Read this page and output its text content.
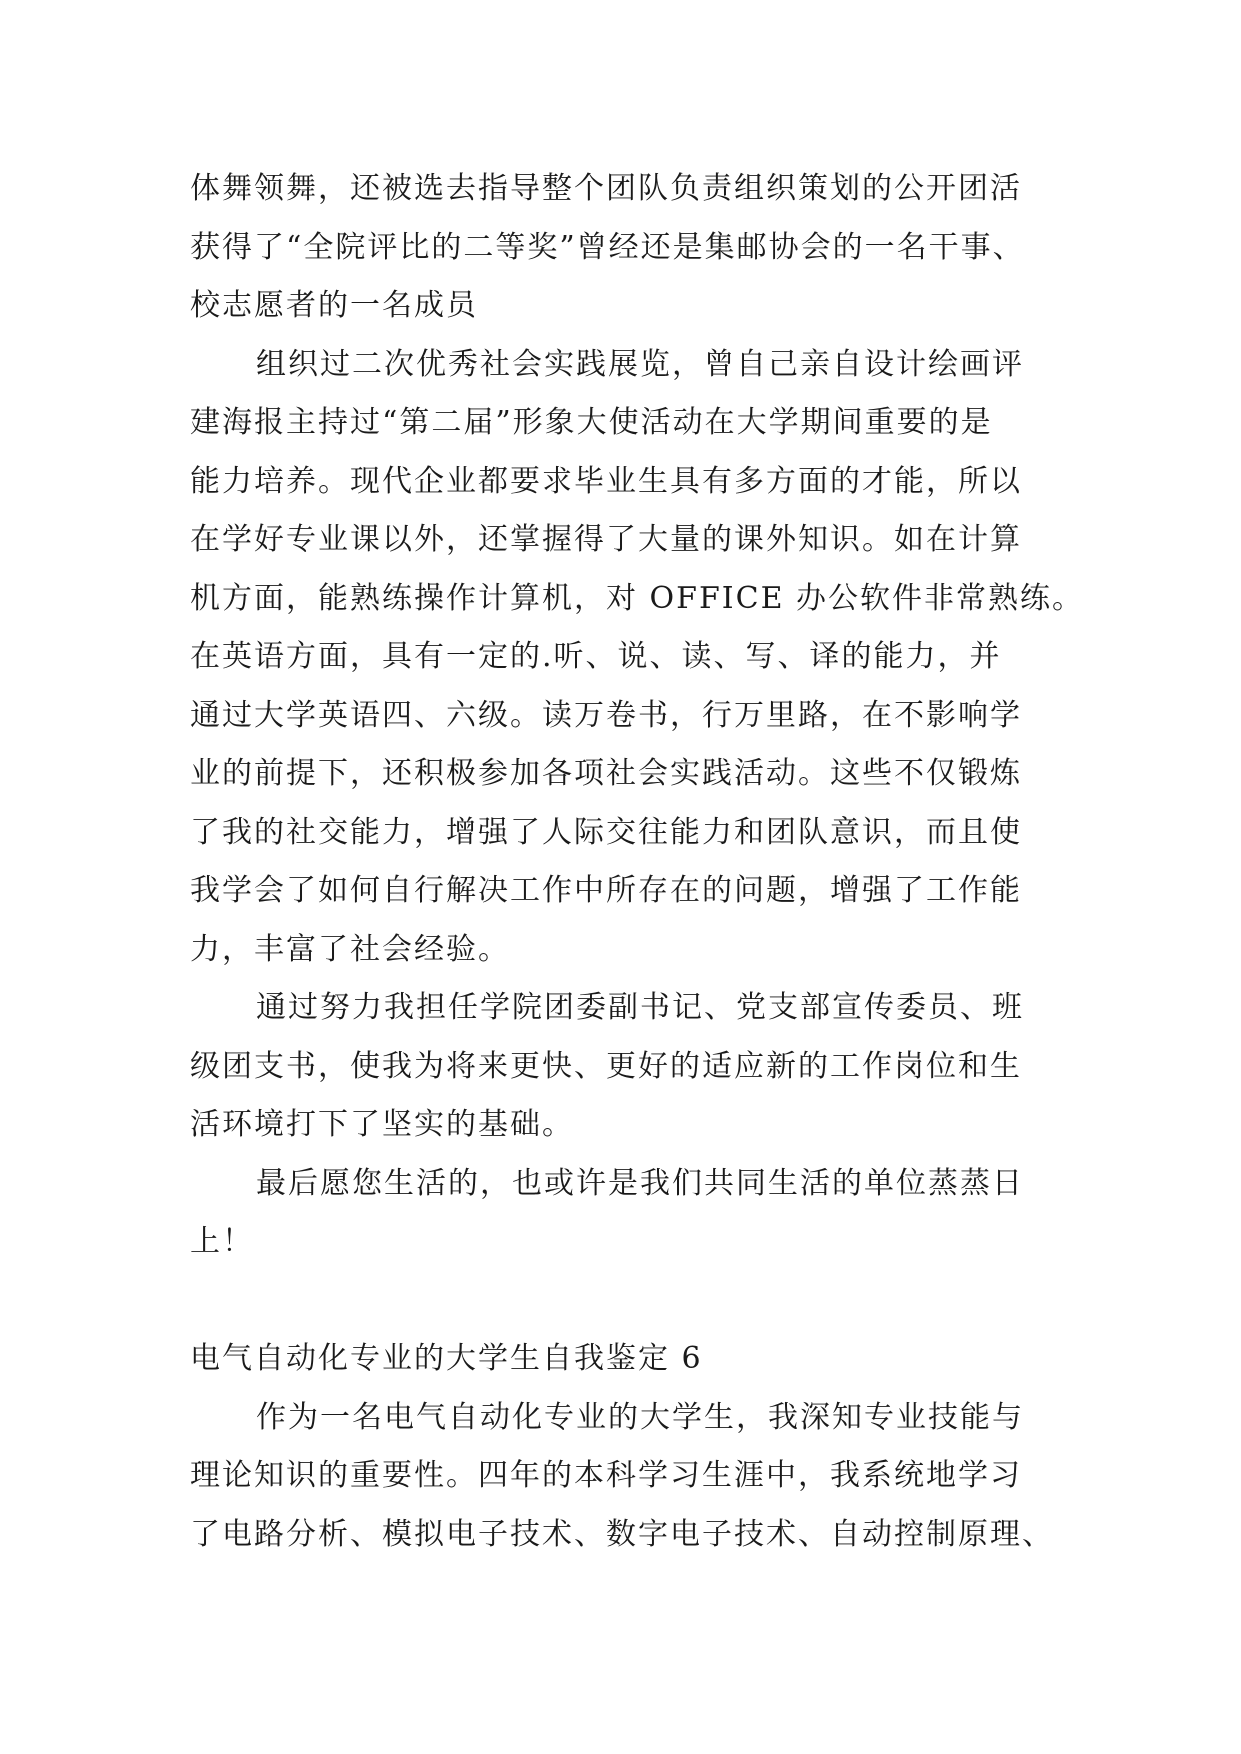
体舞领舞，还被选去指导整个团队负责组织策划的公开团活
获得了“全院评比的二等奖”曾经还是集邮协会的一名干事、
校志愿者的一名成员
组织过二次优秀社会实践展览，曾自己亲自设计绘画评
建海报主持过“第二届”形象大使活动在大学期间重要的是
能力培养。现代企业都要求毕业生具有多方面的才能，所以
在学好专业课以外，还掌握得了大量的课外知识。如在计算
机方面，能熟练操作计算机，对 OFFICE 办公软件非常熟练。
在英语方面，具有一定的.听、说、读、写、译的能力，并
通过大学英语四、六级。读万卷书，行万里路，在不影响学
业的前提下，还积极参加各项社会实践活动。这些不仅锻炼
了我的社交能力，增强了人际交往能力和团队意识，而且使
我学会了如何自行解决工作中所存在的问题，增强了工作能
力，丰富了社会经验。
通过努力我担任学院团委副书记、党支部宣传委员、班
级团支书，使我为将来更快、更好的适应新的工作岗位和生
活环境打下了坚实的基础。
最后愿您生活的，也或许是我们共同生活的单位蒸蒸日
上！
电气自动化专业的大学生自我鉴定 6
作为一名电气自动化专业的大学生，我深知专业技能与
理论知识的重要性。四年的本科学习生涯中，我系统地学习
了电路分析、模拟电子技术、数字电子技术、自动控制原理、
